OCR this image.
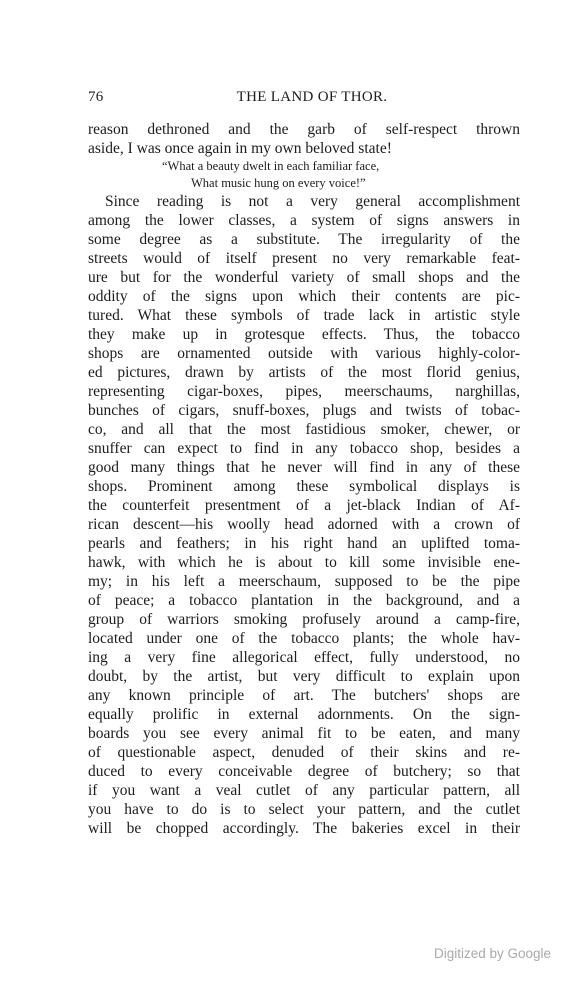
76	THE LAND OF THOR.
reason dethroned and the garb of self-respect thrown
aside, I was once again in my own beloved state!
“What a beauty dwelt in each familiar face,
What music hung on every voice!”
Since reading is not a very general accomplishment
among the lower classes, a system of signs answers in
some degree as a substitute. The irregularity of the
streets would of itself present no very remarkable feat-
ure but for the wonderful variety of small shops and the
oddity of the signs upon which their contents are pic-
tured. What these symbols of trade lack in artistic style
they make up in grotesque effects. Thus, the tobacco
shops are ornamented outside with various highly-color-
ed pictures, drawn by artists of the most florid genius,
representing cigar-boxes, pipes, meerschaums, narghillas,
bunches of cigars, snuff-boxes, plugs and twists of tobac-
co, and all that the most fastidious smoker, chewer, or
snuffer can expect to find in any tobacco shop, besides a
good many things that he never will find in any of these
shops. Prominent among these symbolical displays is
the counterfeit presentment of a jet-black Indian of Af-
rican descent—his woolly head adorned with a crown of
pearls and feathers; in his right hand an uplifted toma-
hawk, with which he is about to kill some invisible ene-
my; in his left a meerschaum, supposed to be the pipe
of peace; a tobacco plantation in the background, and a
group of warriors smoking profusely around a camp-fire,
located under one of the tobacco plants; the whole hav-
ing a very fine allegorical effect, fully understood, no
doubt, by the artist, but very difficult to explain upon
any known principle of art. The butchers' shops are
equally prolific in external adornments. On the sign-
boards you see every animal fit to be eaten, and many
of questionable aspect, denuded of their skins and re-
duced to every conceivable degree of butchery; so that
if you want a veal cutlet of any particular pattern, all
you have to do is to select your pattern, and the cutlet
will be chopped accordingly. The bakeries excel in their
Digitized by Google
